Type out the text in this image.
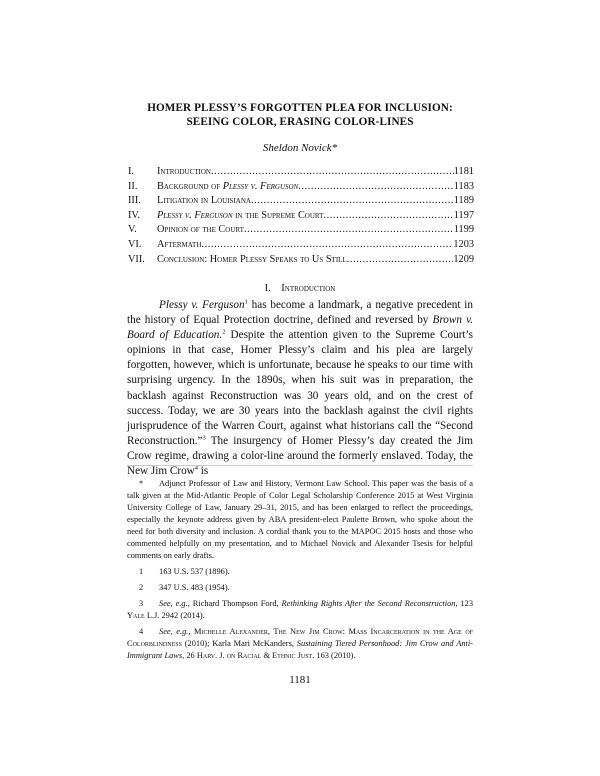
HOMER PLESSY’S FORGOTTEN PLEA FOR INCLUSION:
SEEING COLOR, ERASING COLOR-LINES
Sheldon Novick*
I.	Introduction .....	1181
II.	Background of Plessy v. Ferguson .....	1183
III.	Litigation in Louisiana .....	1189
IV.	Plessy v. Ferguson in the Supreme Court .....	1197
V.	Opinion of the Court .....	1199
VI.	Aftermath .....	1203
VII.	Conclusion: Homer Plessy Speaks to Us Still .....	1209
I.    Introduction

Plessy v. Ferguson$^1$ has become a landmark, a negative precedent in the history of Equal Protection doctrine, defined and reversed by Brown v. Board of Education.$^2$ Despite the attention given to the Supreme Court’s opinions in that case, Homer Plessy’s claim and his plea are largely forgotten, however, which is unfortunate, because he speaks to our time with surprising urgency. In the 1890s, when his suit was in preparation, the backlash against Reconstruction was 30 years old, and on the crest of success. Today, we are 30 years into the backlash against the civil rights jurisprudence of the Warren Court, against what historians call the “Second Reconstruction.”$^3$ The insurgency of Homer Plessy’s day created the Jim Crow regime, drawing a color-line around the formerly enslaved. Today, the New Jim Crow$^4$ is

* Adjunct Professor of Law and History, Vermont Law School. This paper was the basis of a talk given at the Mid-Atlantic People of Color Legal Scholarship Conference 2015 at West Virginia University College of Law, January 29–31, 2015, and has been enlarged to reflect the proceedings, especially the keynote address given by ABA president-elect Paulette Brown, who spoke about the need for both diversity and inclusion. A cordial thank you to the MAPOC 2015 hosts and those who commented helpfully on my presentation, and to Michael Novick and Alexander Tsesis for helpful comments on early drafts.

1 163 U.S. 537 (1896).

2 347 U.S. 483 (1954).

3 See, e.g., Richard Thompson Ford, Rethinking Rights After the Second Reconstruction, 123 Yale L.J. 2942 (2014).

4 See, e.g., Michelle Alexander, The New Jim Crow: Mass Incarceration in the Age of Colorblindness (2010); Karla Mari McKanders, Sustaining Tiered Personhood: Jim Crow and Anti-Immigrant Laws, 26 Harv. J. on Racial & Ethnic Just. 163 (2010).

1181
